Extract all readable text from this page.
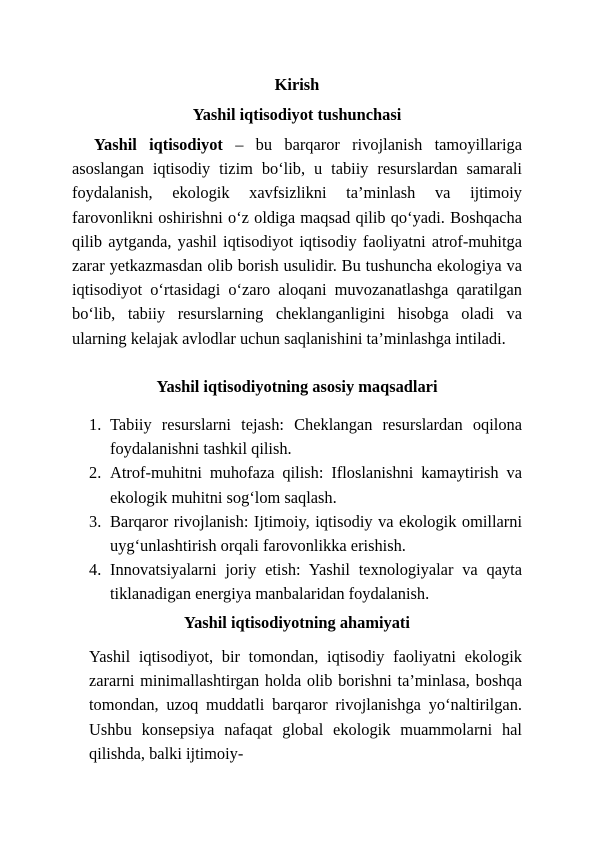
Kirish
Yashil iqtisodiyot tushunchasi
Yashil iqtisodiyot – bu barqaror rivojlanish tamoyillariga asoslangan iqtisodiy tizim bo‘lib, u tabiiy resurslardan samarali foydalanish, ekologik xavfsizlikni ta’minlash va ijtimoiy farovonlikni oshirishni o‘z oldiga maqsad qilib qo‘yadi. Boshqacha qilib aytganda, yashil iqtisodiyot iqtisodiy faoliyatni atrof-muhitga zarar yetkazmasdan olib borish usulidir. Bu tushuncha ekologiya va iqtisodiyot o‘rtasidagi o‘zaro aloqani muvozanatlashga qaratilgan bo‘lib, tabiiy resurslarning cheklanganligini hisobga oladi va ularning kelajak avlodlar uchun saqlanishini ta’minlashga intiladi.
Yashil iqtisodiyotning asosiy maqsadlari
1. Tabiiy resurslarni tejash: Cheklangan resurslardan oqilona foydalanishni tashkil qilish.
2. Atrof-muhitni muhofaza qilish: Ifloslanishni kamaytirish va ekologik muhitni sog‘lom saqlash.
3. Barqaror rivojlanish: Ijtimoiy, iqtisodiy va ekologik omillarni uyg‘unlashtirish orqali farovonlikka erishish.
4. Innovatsiyalarni joriy etish: Yashil texnologiyalar va qayta tiklanadigan energiya manbalaridan foydalanish.
Yashil iqtisodiyotning ahamiyati
Yashil iqtisodiyot, bir tomondan, iqtisodiy faoliyatni ekologik zararni minimallashtirgan holda olib borishni ta’minlasa, boshqa tomondan, uzoq muddatli barqaror rivojlanishga yo‘naltirilgan. Ushbu konsepsiya nafaqat global ekologik muammolarni hal qilishda, balki ijtimoiy-
